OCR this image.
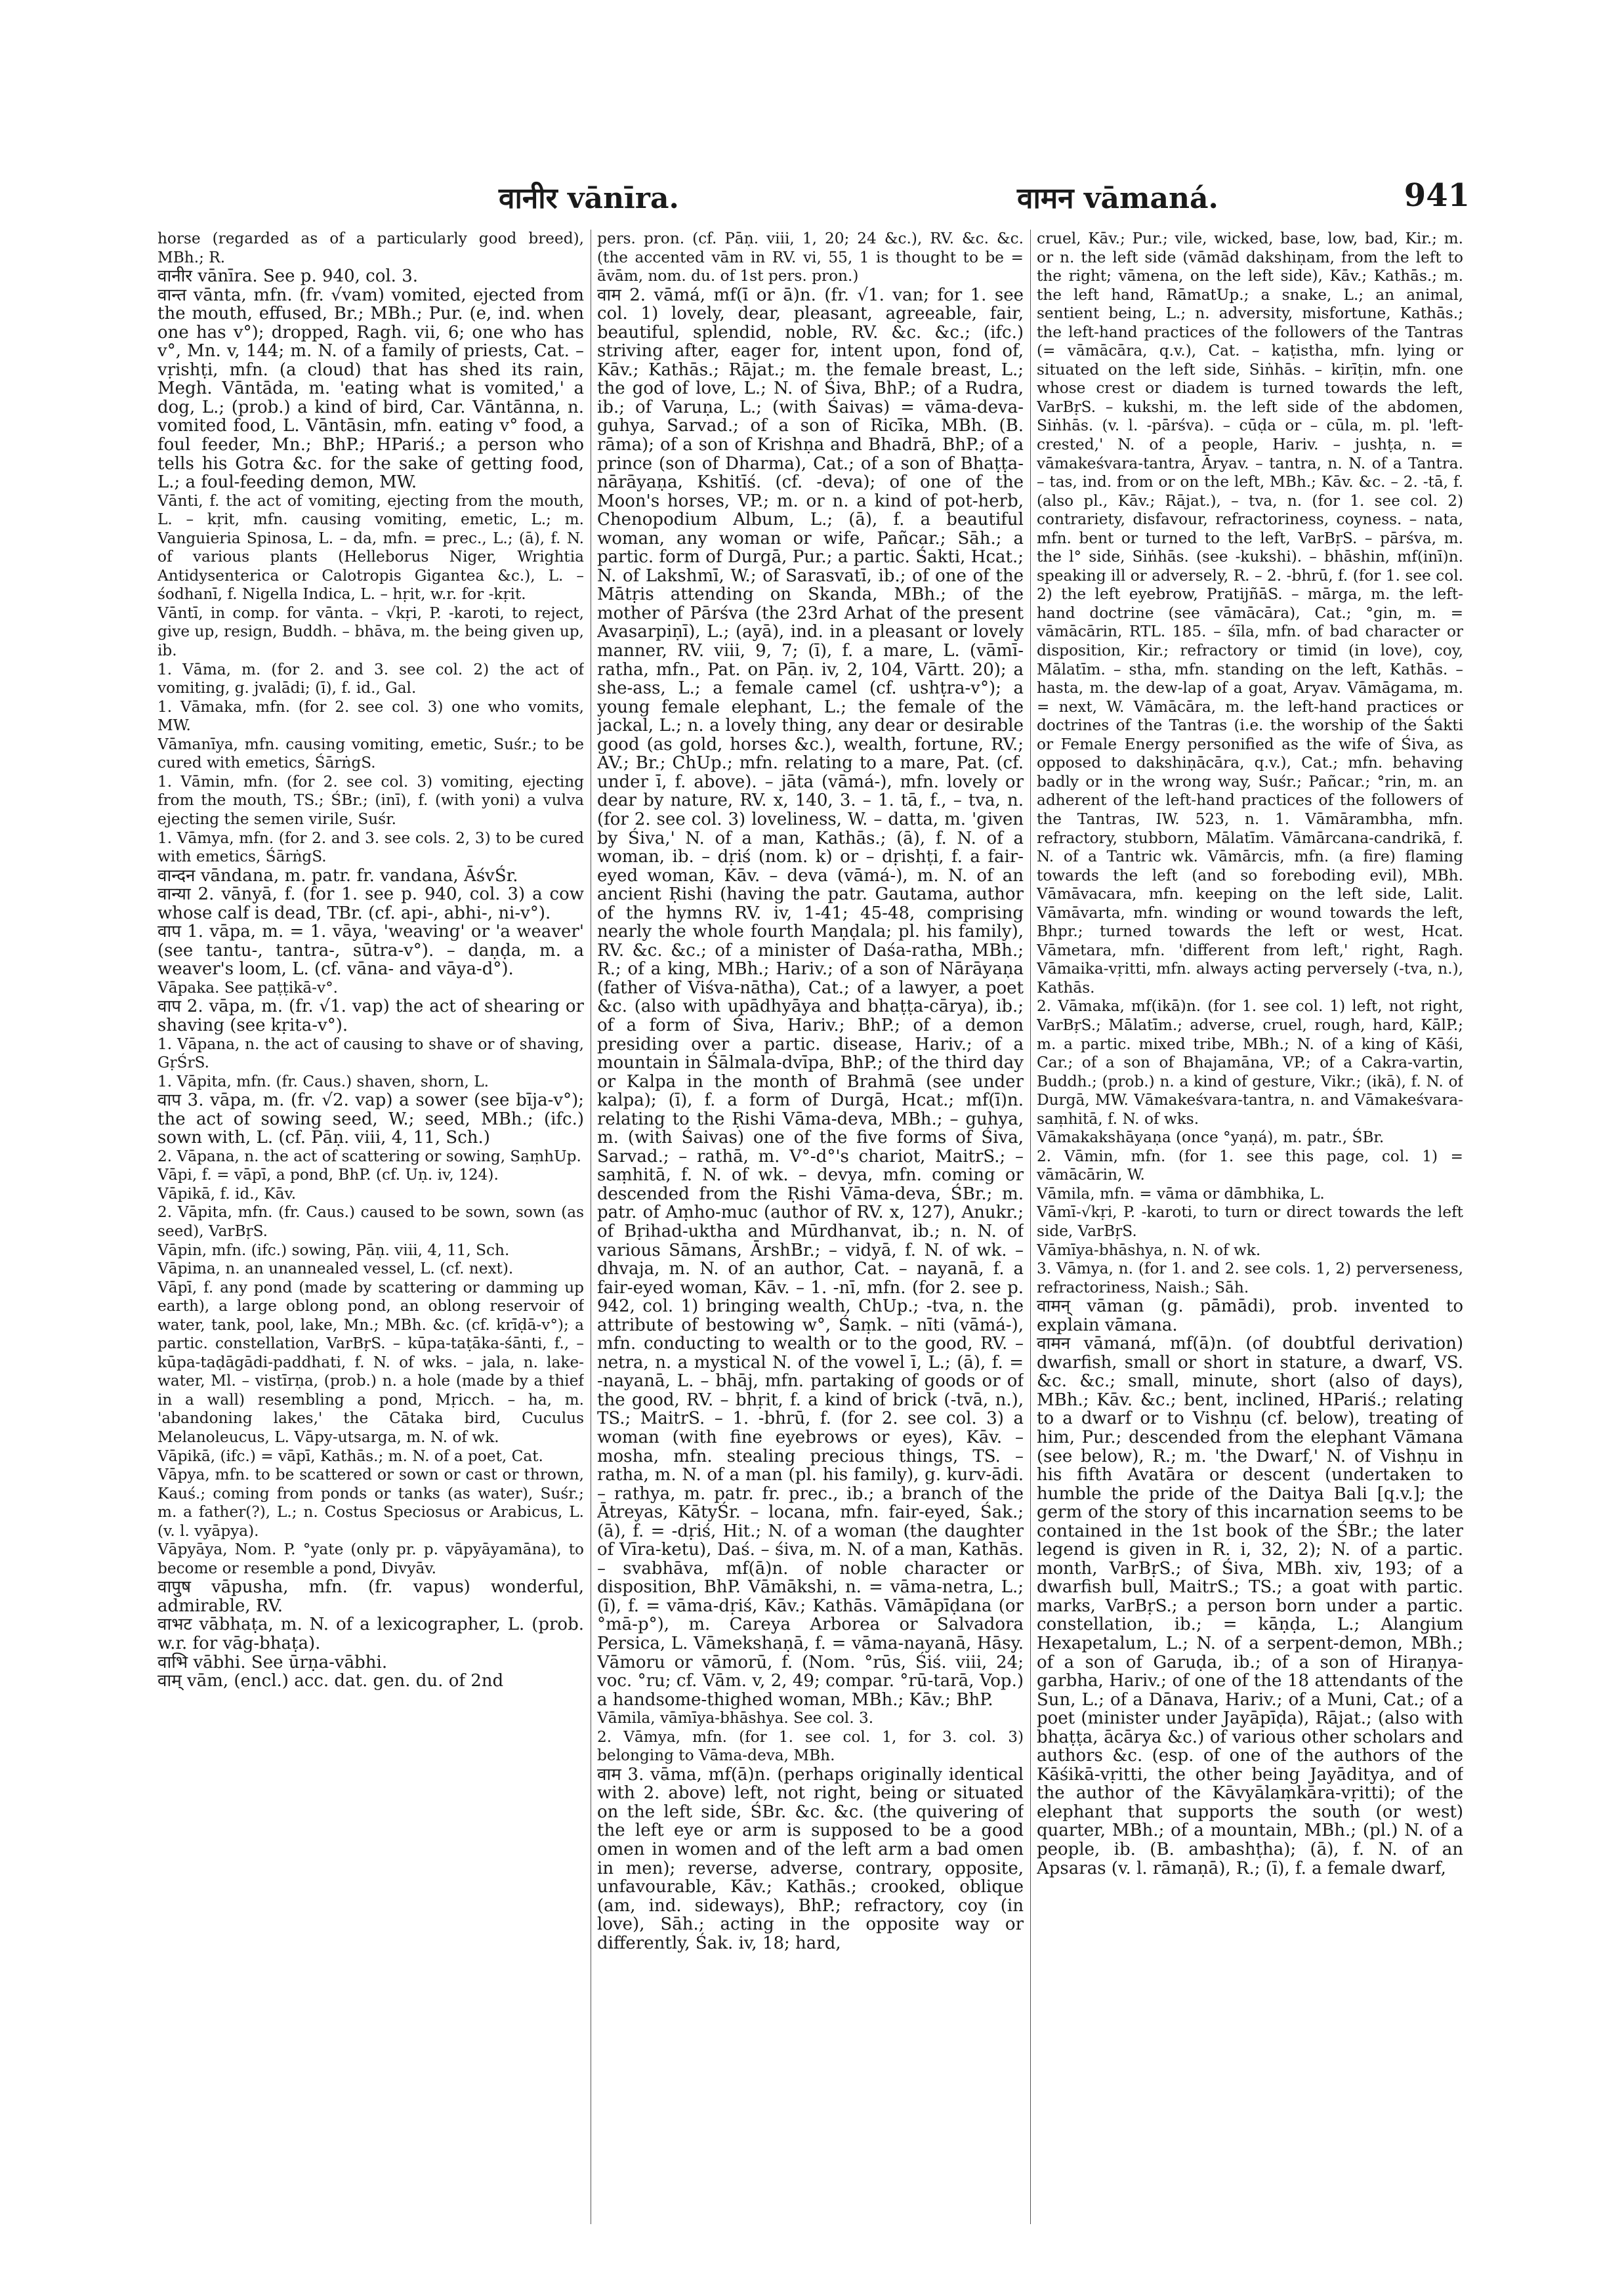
वानीर vānīra.	वामन vāmaná.	941

horse (regarded as of a particularly good breed), MBh.; R.

वानीर vānīra. See p. 940, col. 3.

वान्त vānta, mfn. (fr. √vam) vomited, ejected from the mouth, effused, Br.; MBh.; Pur. (e, ind. when one has v°); dropped, Ragh. vii, 6; one who has v°, Mn. v, 144; m. N. of a family of priests, Cat. – vṛishṭi, mfn. (a cloud) that has shed its rain, Megh. Vāntāda, m. 'eating what is vomited,' a dog, L.; (prob.) a kind of bird, Car. Vāntānna, n. vomited food, L. Vāntāsin, mfn. eating v° food, a foul feeder, Mn.; BhP.; HPariś.; a person who tells his Gotra &c. for the sake of getting food, L.; a foul-feeding demon, MW.

Vānti, f. the act of vomiting, ejecting from the mouth, L. – kṛit, mfn. causing vomiting, emetic, L.; m. Vanguieria Spinosa, L. – da, mfn. = prec., L.; (ā), f. N. of various plants (Helleborus Niger, Wrightia Antidysenterica or Calotropis Gigantea &c.), L. – śodhanī, f. Nigella Indica, L. – hṛit, w.r. for -kṛit.

Vāntī, in comp. for vānta. – √kṛi, P. -karoti, to reject, give up, resign, Buddh. – bhāva, m. the being given up, ib.

1. Vāma, m. (for 2. and 3. see col. 2) the act of vomiting, g. jvalādi; (ī), f. id., Gal.

1. Vāmaka, mfn. (for 2. see col. 3) one who vomits, MW.

Vāmanīya, mfn. causing vomiting, emetic, Suśr.; to be cured with emetics, ŚārṅgS.

1. Vāmin, mfn. (for 2. see col. 3) vomiting, ejecting from the mouth, TS.; ŚBr.; (inī), f. (with yoni) a vulva ejecting the semen virile, Suśr.

1. Vāmya, mfn. (for 2. and 3. see cols. 2, 3) to be cured with emetics, ŚārṅgS.

वान्दन vāndana, m. patr. fr. vandana, ĀśvŚr.

वान्या 2. vānyā, f. (for 1. see p. 940, col. 3) a cow whose calf is dead, TBr. (cf. api-, abhi-, ni-v°).

वाप 1. vāpa, m. = 1. vāya, 'weaving' or 'a weaver' (see tantu-, tantra-, sūtra-v°). – daṇḍa, m. a weaver's loom, L. (cf. vāna- and vāya-d°).

Vāpaka. See paṭṭikā-v°.

वाप 2. vāpa, m. (fr. √1. vap) the act of shearing or shaving (see kṛita-v°).

1. Vāpana, n. the act of causing to shave or of shaving, GṛŚrS.

1. Vāpita, mfn. (fr. Caus.) shaven, shorn, L.

वाप 3. vāpa, m. (fr. √2. vap) a sower (see bīja-v°); the act of sowing seed, W.; seed, MBh.; (ifc.) sown with, L. (cf. Pāṇ. viii, 4, 11, Sch.)

2. Vāpana, n. the act of scattering or sowing, SaṃhUp.

Vāpi, f. = vāpī, a pond, BhP. (cf. Uṇ. iv, 124).

Vāpikā, f. id., Kāv.

2. Vāpita, mfn. (fr. Caus.) caused to be sown, sown (as seed), VarBṛS.

Vāpin, mfn. (ifc.) sowing, Pāṇ. viii, 4, 11, Sch.

Vāpima, n. an unannealed vessel, L. (cf. next).

Vāpī, f. any pond (made by scattering or damming up earth), a large oblong pond, an oblong reservoir of water, tank, pool, lake, Mn.; MBh. &c. (cf. krīḍā-v°); a partic. constellation, VarBṛS. – kūpa-taṭāka-śānti, f., – kūpa-taḍāgādi-paddhati, f. N. of wks. – jala, n. lake-water, Ml. – vistīrṇa, (prob.) n. a hole (made by a thief in a wall) resembling a pond, Mṛicch. – ha, m. 'abandoning lakes,' the Cātaka bird, Cuculus Melanoleucus, L. Vāpy-utsarga, m. N. of wk.

Vāpikā, (ifc.) = vāpī, Kathās.; m. N. of a poet, Cat.

Vāpya, mfn. to be scattered or sown or cast or thrown, Kauś.; coming from ponds or tanks (as water), Suśr.; m. a father(?), L.; n. Costus Speciosus or Arabicus, L. (v. l. vyāpya).

Vāpyāya, Nom. P. °yate (only pr. p. vāpyāyamāna), to become or resemble a pond, Divyāv.

वापुष vāpusha, mfn. (fr. vapus) wonderful, admirable, RV.

वाभट vābhaṭa, m. N. of a lexicographer, L. (prob. w.r. for vāg-bhaṭa).

वाभि vābhi. See ūrṇa-vābhi.

वाम् vām, (encl.) acc. dat. gen. du. of 2nd

pers. pron. (cf. Pāṇ. viii, 1, 20; 24 &c.), RV. &c. &c. (the accented vām in RV. vi, 55, 1 is thought to be = āvām, nom. du. of 1st pers. pron.)

वाम 2. vāmá, mf(ī or ā)n. (fr. √1. van; for 1. see col. 1) lovely, dear, pleasant, agreeable, fair, beautiful, splendid, noble, RV. &c. &c.; (ifc.) striving after, eager for, intent upon, fond of, Kāv.; Kathās.; Rājat.; m. the female breast, L.; the god of love, L.; N. of Śiva, BhP.; of a Rudra, ib.; of Varuṇa, L.; (with Śaivas) = vāma-deva-guhya, Sarvad.; of a son of Ricīka, MBh. (B. rāma); of a son of Krishṇa and Bhadrā, BhP.; of a prince (son of Dharma), Cat.; of a son of Bhaṭṭa-nārāyaṇa, Kshitīś. (cf. -deva); of one of the Moon's horses, VP.; m. or n. a kind of pot-herb, Chenopodium Album, L.; (ā), f. a beautiful woman, any woman or wife, Pañcar.; Sāh.; a partic. form of Durgā, Pur.; a partic. Śakti, Hcat.; N. of Lakshmī, W.; of Sarasvatī, ib.; of one of the Mātṛis attending on Skanda, MBh.; of the mother of Pārśva (the 23rd Arhat of the present Avasarpiṇī), L.; (ayā), ind. in a pleasant or lovely manner, RV. viii, 9, 7; (ī), f. a mare, L. (vāmī-ratha, mfn., Pat. on Pāṇ. iv, 2, 104, Vārtt. 20); a she-ass, L.; a female camel (cf. ushṭra-v°); a young female elephant, L.; the female of the jackal, L.; n. a lovely thing, any dear or desirable good (as gold, horses &c.), wealth, fortune, RV.; AV.; Br.; ChUp.; mfn. relating to a mare, Pat. (cf. under ī, f. above). – jāta (vāmá-), mfn. lovely or dear by nature, RV. x, 140, 3. – 1. tā, f., – tva, n. (for 2. see col. 3) loveliness, W. – datta, m. 'given by Śiva,' N. of a man, Kathās.; (ā), f. N. of a woman, ib. – dṛiś (nom. k) or – dṛishṭi, f. a fair-eyed woman, Kāv. – deva (vāmá-), m. N. of an ancient Ṛishi (having the patr. Gautama, author of the hymns RV. iv, 1-41; 45-48, comprising nearly the whole fourth Maṇḍala; pl. his family), RV. &c. &c.; of a minister of Daśa-ratha, MBh.; R.; of a king, MBh.; Hariv.; of a son of Nārāyaṇa (father of Viśva-nātha), Cat.; of a lawyer, a poet &c. (also with upādhyāya and bhaṭṭa-cārya), ib.; of a form of Śiva, Hariv.; BhP.; of a demon presiding over a partic. disease, Hariv.; of a mountain in Śālmala-dvīpa, BhP.; of the third day or Kalpa in the month of Brahmā (see under kalpa); (ī), f. a form of Durgā, Hcat.; mf(ī)n. relating to the Ṛishi Vāma-deva, MBh.; – guhya, m. (with Śaivas) one of the five forms of Śiva, Sarvad.; – rathā, m. V°-d°'s chariot, MaitrS.; – saṃhitā, f. N. of wk. – devya, mfn. coming or descended from the Ṛishi Vāma-deva, ŚBr.; m. patr. of Aṃho-muc (author of RV. x, 127), Anukr.; of Bṛihad-uktha and Mūrdhanvat, ib.; n. N. of various Sāmans, ĀrshBr.; – vidyā, f. N. of wk. – dhvaja, m. N. of an author, Cat. – nayanā, f. a fair-eyed woman, Kāv. – 1. -nī, mfn. (for 2. see p. 942, col. 1) bringing wealth, ChUp.; -tva, n. the attribute of bestowing w°, Śaṃk. – nīti (vāmá-), mfn. conducting to wealth or to the good, RV. – netra, n. a mystical N. of the vowel ī, L.; (ā), f. = -nayanā, L. – bhāj, mfn. partaking of goods or of the good, RV. – bhṛit, f. a kind of brick (-tvā, n.), TS.; MaitrS. – 1. -bhrū, f. (for 2. see col. 3) a woman (with fine eyebrows or eyes), Kāv. – mosha, mfn. stealing precious things, TS. – ratha, m. N. of a man (pl. his family), g. kurv-ādi. – rathya, m. patr. fr. prec., ib.; a branch of the Ātreyas, KātyŚr. – locana, mfn. fair-eyed, Śak.; (ā), f. = -dṛiś, Hit.; N. of a woman (the daughter of Vīra-ketu), Daś. – śiva, m. N. of a man, Kathās. – svabhāva, mf(ā)n. of noble character or disposition, BhP. Vāmākshi, n. = vāma-netra, L.; (ī), f. = vāma-dṛiś, Kāv.; Kathās. Vāmāpīḍana (or °mā-p°), m. Careya Arborea or Salvadora Persica, L. Vāmekshaṇā, f. = vāma-nayanā, Hāsy. Vāmoru or vāmorū, f. (Nom. °rūs, Śiś. viii, 24; voc. °ru; cf. Vām. v, 2, 49; compar. °rū-tarā, Vop.) a handsome-thighed woman, MBh.; Kāv.; BhP.

Vāmila, vāmīya-bhāshya. See col. 3.

2. Vāmya, mfn. (for 1. see col. 1, for 3. col. 3) belonging to Vāma-deva, MBh.

वाम 3. vāma, mf(ā)n. (perhaps originally identical with 2. above) left, not right, being or situated on the left side, ŚBr. &c. &c. (the quivering of the left eye or arm is supposed to be a good omen in women and of the left arm a bad omen in men); reverse, adverse, contrary, opposite, unfavourable, Kāv.; Kathās.; crooked, oblique (am, ind. sideways), BhP.; refractory, coy (in love), Sāh.; acting in the opposite way or differently, Śak. iv, 18; hard,

cruel, Kāv.; Pur.; vile, wicked, base, low, bad, Kir.; m. or n. the left side (vāmād dakshiṇam, from the left to the right; vāmena, on the left side), Kāv.; Kathās.; m. the left hand, RāmatUp.; a snake, L.; an animal, sentient being, L.; n. adversity, misfortune, Kathās.; the left-hand practices of the followers of the Tantras (= vāmācāra, q.v.), Cat. – kaṭistha, mfn. lying or situated on the left side, Siṅhās. – kirīṭin, mfn. one whose crest or diadem is turned towards the left, VarBṛS. – kukshi, m. the left side of the abdomen, Siṅhās. (v. l. -pārśva). – cūḍa or – cūla, m. pl. 'left-crested,' N. of a people, Hariv. – jushṭa, n. = vāmakeśvara-tantra, Āryav. – tantra, n. N. of a Tantra. – tas, ind. from or on the left, MBh.; Kāv. &c. – 2. -tā, f. (also pl., Kāv.; Rājat.), – tva, n. (for 1. see col. 2) contrariety, disfavour, refractoriness, coyness. – nata, mfn. bent or turned to the left, VarBṛS. – pārśva, m. the l° side, Siṅhās. (see -kukshi). – bhāshin, mf(inī)n. speaking ill or adversely, R. – 2. -bhrū, f. (for 1. see col. 2) the left eyebrow, PratijñāS. – mārga, m. the left-hand doctrine (see vāmācāra), Cat.; °gin, m. = vāmācārin, RTL. 185. – śīla, mfn. of bad character or disposition, Kir.; refractory or timid (in love), coy, Mālatīm. – stha, mfn. standing on the left, Kathās. – hasta, m. the dew-lap of a goat, Aryav. Vāmāgama, m. = next, W. Vāmācāra, m. the left-hand practices or doctrines of the Tantras (i.e. the worship of the Śakti or Female Energy personified as the wife of Śiva, as opposed to dakshiṇācāra, q.v.), Cat.; mfn. behaving badly or in the wrong way, Suśr.; Pañcar.; °rin, m. an adherent of the left-hand practices of the followers of the Tantras, IW. 523, n. 1. Vāmārambha, mfn. refractory, stubborn, Mālatīm. Vāmārcana-candrikā, f. N. of a Tantric wk. Vāmārcis, mfn. (a fire) flaming towards the left (and so foreboding evil), MBh. Vāmāvacara, mfn. keeping on the left side, Lalit. Vāmāvarta, mfn. winding or wound towards the left, Bhpr.; turned towards the left or west, Hcat. Vāmetara, mfn. 'different from left,' right, Ragh. Vāmaika-vṛitti, mfn. always acting perversely (-tva, n.), Kathās.

2. Vāmaka, mf(ikā)n. (for 1. see col. 1) left, not right, VarBṛS.; Mālatīm.; adverse, cruel, rough, hard, KālP.; m. a partic. mixed tribe, MBh.; N. of a king of Kāśi, Car.; of a son of Bhajamāna, VP.; of a Cakra-vartin, Buddh.; (prob.) n. a kind of gesture, Vikr.; (ikā), f. N. of Durgā, MW. Vāmakeśvara-tantra, n. and Vāmakeśvara-saṃhitā, f. N. of wks.

Vāmakakshāyaṇa (once °yaṇá), m. patr., ŚBr.

2. Vāmin, mfn. (for 1. see this page, col. 1) = vāmācārin, W.

Vāmila, mfn. = vāma or dāmbhika, L.

Vāmī-√kṛi, P. -karoti, to turn or direct towards the left side, VarBṛS.

Vāmīya-bhāshya, n. N. of wk.

3. Vāmya, n. (for 1. and 2. see cols. 1, 2) perverseness, refractoriness, Naish.; Sāh.

वामन् vāman (g. pāmādi), prob. invented to explain vāmana.

वामन vāmaná, mf(ā)n. (of doubtful derivation) dwarfish, small or short in stature, a dwarf, VS. &c. &c.; small, minute, short (also of days), MBh.; Kāv. &c.; bent, inclined, HPariś.; relating to a dwarf or to Vishṇu (cf. below), treating of him, Pur.; descended from the elephant Vāmana (see below), R.; m. 'the Dwarf,' N. of Vishṇu in his fifth Avatāra or descent (undertaken to humble the pride of the Daitya Bali [q.v.]; the germ of the story of this incarnation seems to be contained in the 1st book of the ŚBr.; the later legend is given in R. i, 32, 2); N. of a partic. month, VarBṛS.; of Śiva, MBh. xiv, 193; of a dwarfish bull, MaitrS.; TS.; a goat with partic. marks, VarBṛS.; a person born under a partic. constellation, ib.; = kāṇḍa, L.; Alangium Hexapetalum, L.; N. of a serpent-demon, MBh.; of a son of Garuḍa, ib.; of a son of Hiraṇya-garbha, Hariv.; of one of the 18 attendants of the Sun, L.; of a Dānava, Hariv.; of a Muni, Cat.; of a poet (minister under Jayāpīḍa), Rājat.; (also with bhaṭṭa, ācārya &c.) of various other scholars and authors &c. (esp. of one of the authors of the Kāśikā-vṛitti, the other being Jayāditya, and of the author of the Kāvyālaṃkāra-vṛitti); of the elephant that supports the south (or west) quarter, MBh.; of a mountain, MBh.; (pl.) N. of a people, ib. (B. ambashṭha); (ā), f. N. of an Apsaras (v. l. rāmaṇā), R.; (ī), f. a female dwarf,
